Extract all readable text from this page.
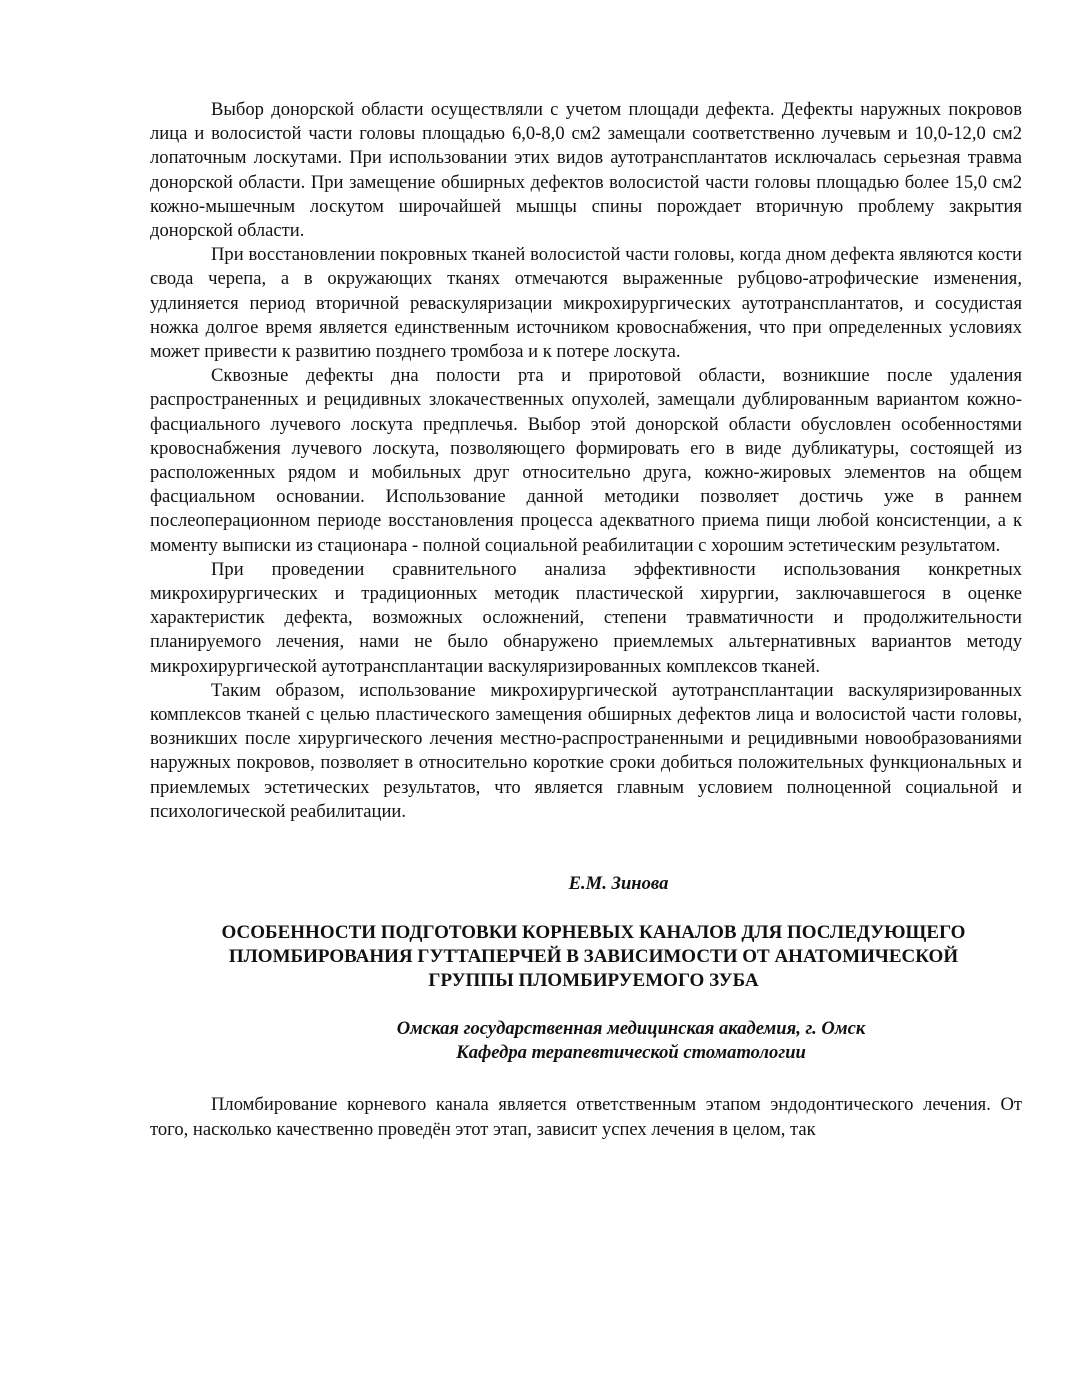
Выбор донорской области осуществляли с учетом площади дефекта. Дефекты наружных покровов лица и волосистой части головы площадью 6,0-8,0 см2 замещали соответственно лучевым и 10,0-12,0 см2 лопаточным лоскутами. При использовании этих видов аутотрансплантатов исключалась серьезная травма донорской области. При замещение обширных дефектов волосистой части головы площадью более 15,0 см2 кожно-мышечным лоскутом широчайшей мышцы спины порождает вторичную проблему закрытия донорской области.

При восстановлении покровных тканей волосистой части головы, когда дном дефекта являются кости свода черепа, а в окружающих тканях отмечаются выраженные рубцово-атрофические изменения, удлиняется период вторичной реваскуляризации микрохирургических аутотрансплантатов, и сосудистая ножка долгое время является единственным источником кровоснабжения, что при определенных условиях может привести к развитию позднего тромбоза и к потере лоскута.

Сквозные дефекты дна полости рта и приротовой области, возникшие после удаления распространенных и рецидивных злокачественных опухолей, замещали дублированным вариантом кожно-фасциального лучевого лоскута предплечья. Выбор этой донорской области обусловлен особенностями кровоснабжения лучевого лоскута, позволяющего формировать его в виде дубликатуры, состоящей из расположенных рядом и мобильных друг относительно друга, кожно-жировых элементов на общем фасциальном основании. Использование данной методики позволяет достичь уже в раннем послеоперационном периоде восстановления процесса адекватного приема пищи любой консистенции, а к моменту выписки из стационара - полной социальной реабилитации с хорошим эстетическим результатом.

При проведении сравнительного анализа эффективности использования конкретных микрохирургических и традиционных методик пластической хирургии, заключавшегося в оценке характеристик дефекта, возможных осложнений, степени травматичности и продолжительности планируемого лечения, нами не было обнаружено приемлемых альтернативных вариантов методу микрохирургической аутотрансплантации васкуляризированных комплексов тканей.

Таким образом, использование микрохирургической аутотрансплантации васкуляризированных комплексов тканей с целью пластического замещения обширных дефектов лица и волосистой части головы, возникших после хирургического лечения местно-распространенными и рецидивными новообразованиями наружных покровов, позволяет в относительно короткие сроки добиться положительных функциональных и приемлемых эстетических результатов, что является главным условием полноценной социальной и психологической реабилитации.

Е.М. Зинова

ОСОБЕННОСТИ ПОДГОТОВКИ КОРНЕВЫХ КАНАЛОВ ДЛЯ ПОСЛЕДУЮЩЕГО ПЛОМБИРОВАНИЯ ГУТТАПЕРЧЕЙ В ЗАВИСИМОСТИ ОТ АНАТОМИЧЕСКОЙ ГРУППЫ ПЛОМБИРУЕМОГО ЗУБА
Омская государственная медицинская академия, г. Омск
Кафедра терапевтической стоматологии

Пломбирование корневого канала является ответственным этапом эндодонтического лечения. От того, насколько качественно проведён этот этап, зависит успех лечения в целом, так
